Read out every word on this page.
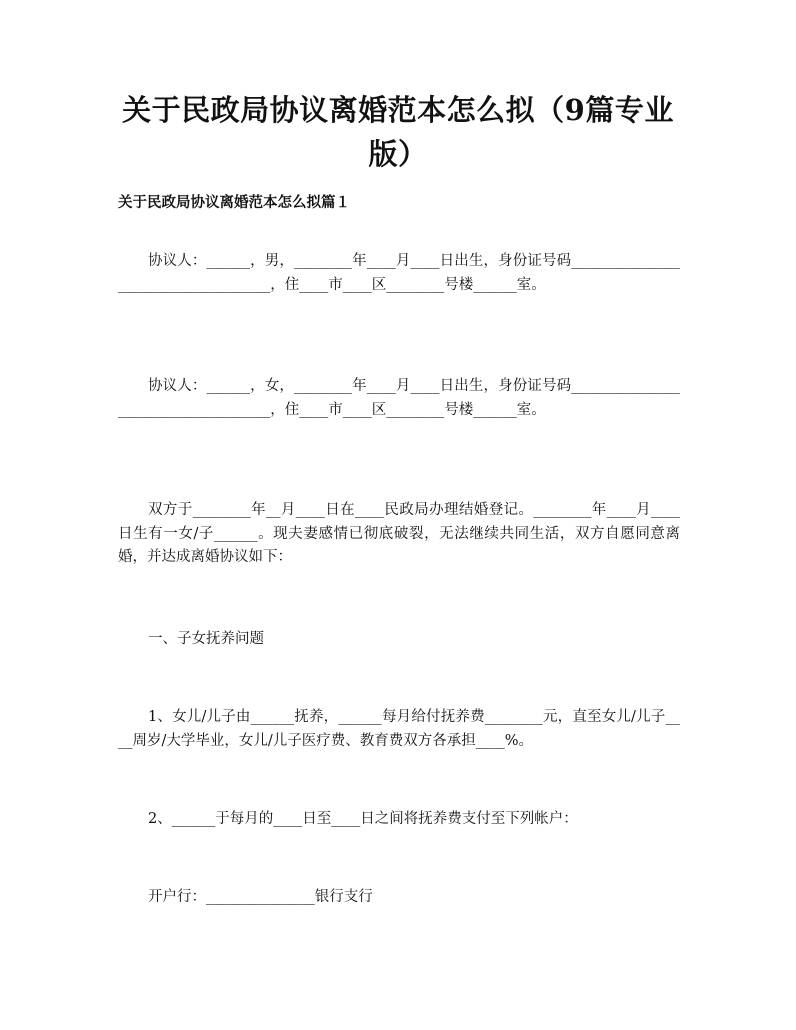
关于民政局协议离婚范本怎么拟（9篇专业版）
关于民政局协议离婚范本怎么拟篇１
协议人：______，男，________年____月____日出生，身份证号码____________________________________，住____市____区________号楼______室。
协议人：______，女，________年____月____日出生，身份证号码____________________________________，住____市____区________号楼______室。
双方于________年__月____日在____民政局办理结婚登记。________年____月____日生有一女/子______。现夫妻感情已彻底破裂，无法继续共同生活，双方自愿同意离婚，并达成离婚协议如下：
一、子女抚养问题
1、女儿/儿子由______抚养，______每月给付抚养费________元，直至女儿/儿子____周岁/大学毕业，女儿/儿子医疗费、教育费双方各承担____%。
2、______于每月的____日至____日之间将抚养费支付至下列帐户：
开户行：_______________银行支行
